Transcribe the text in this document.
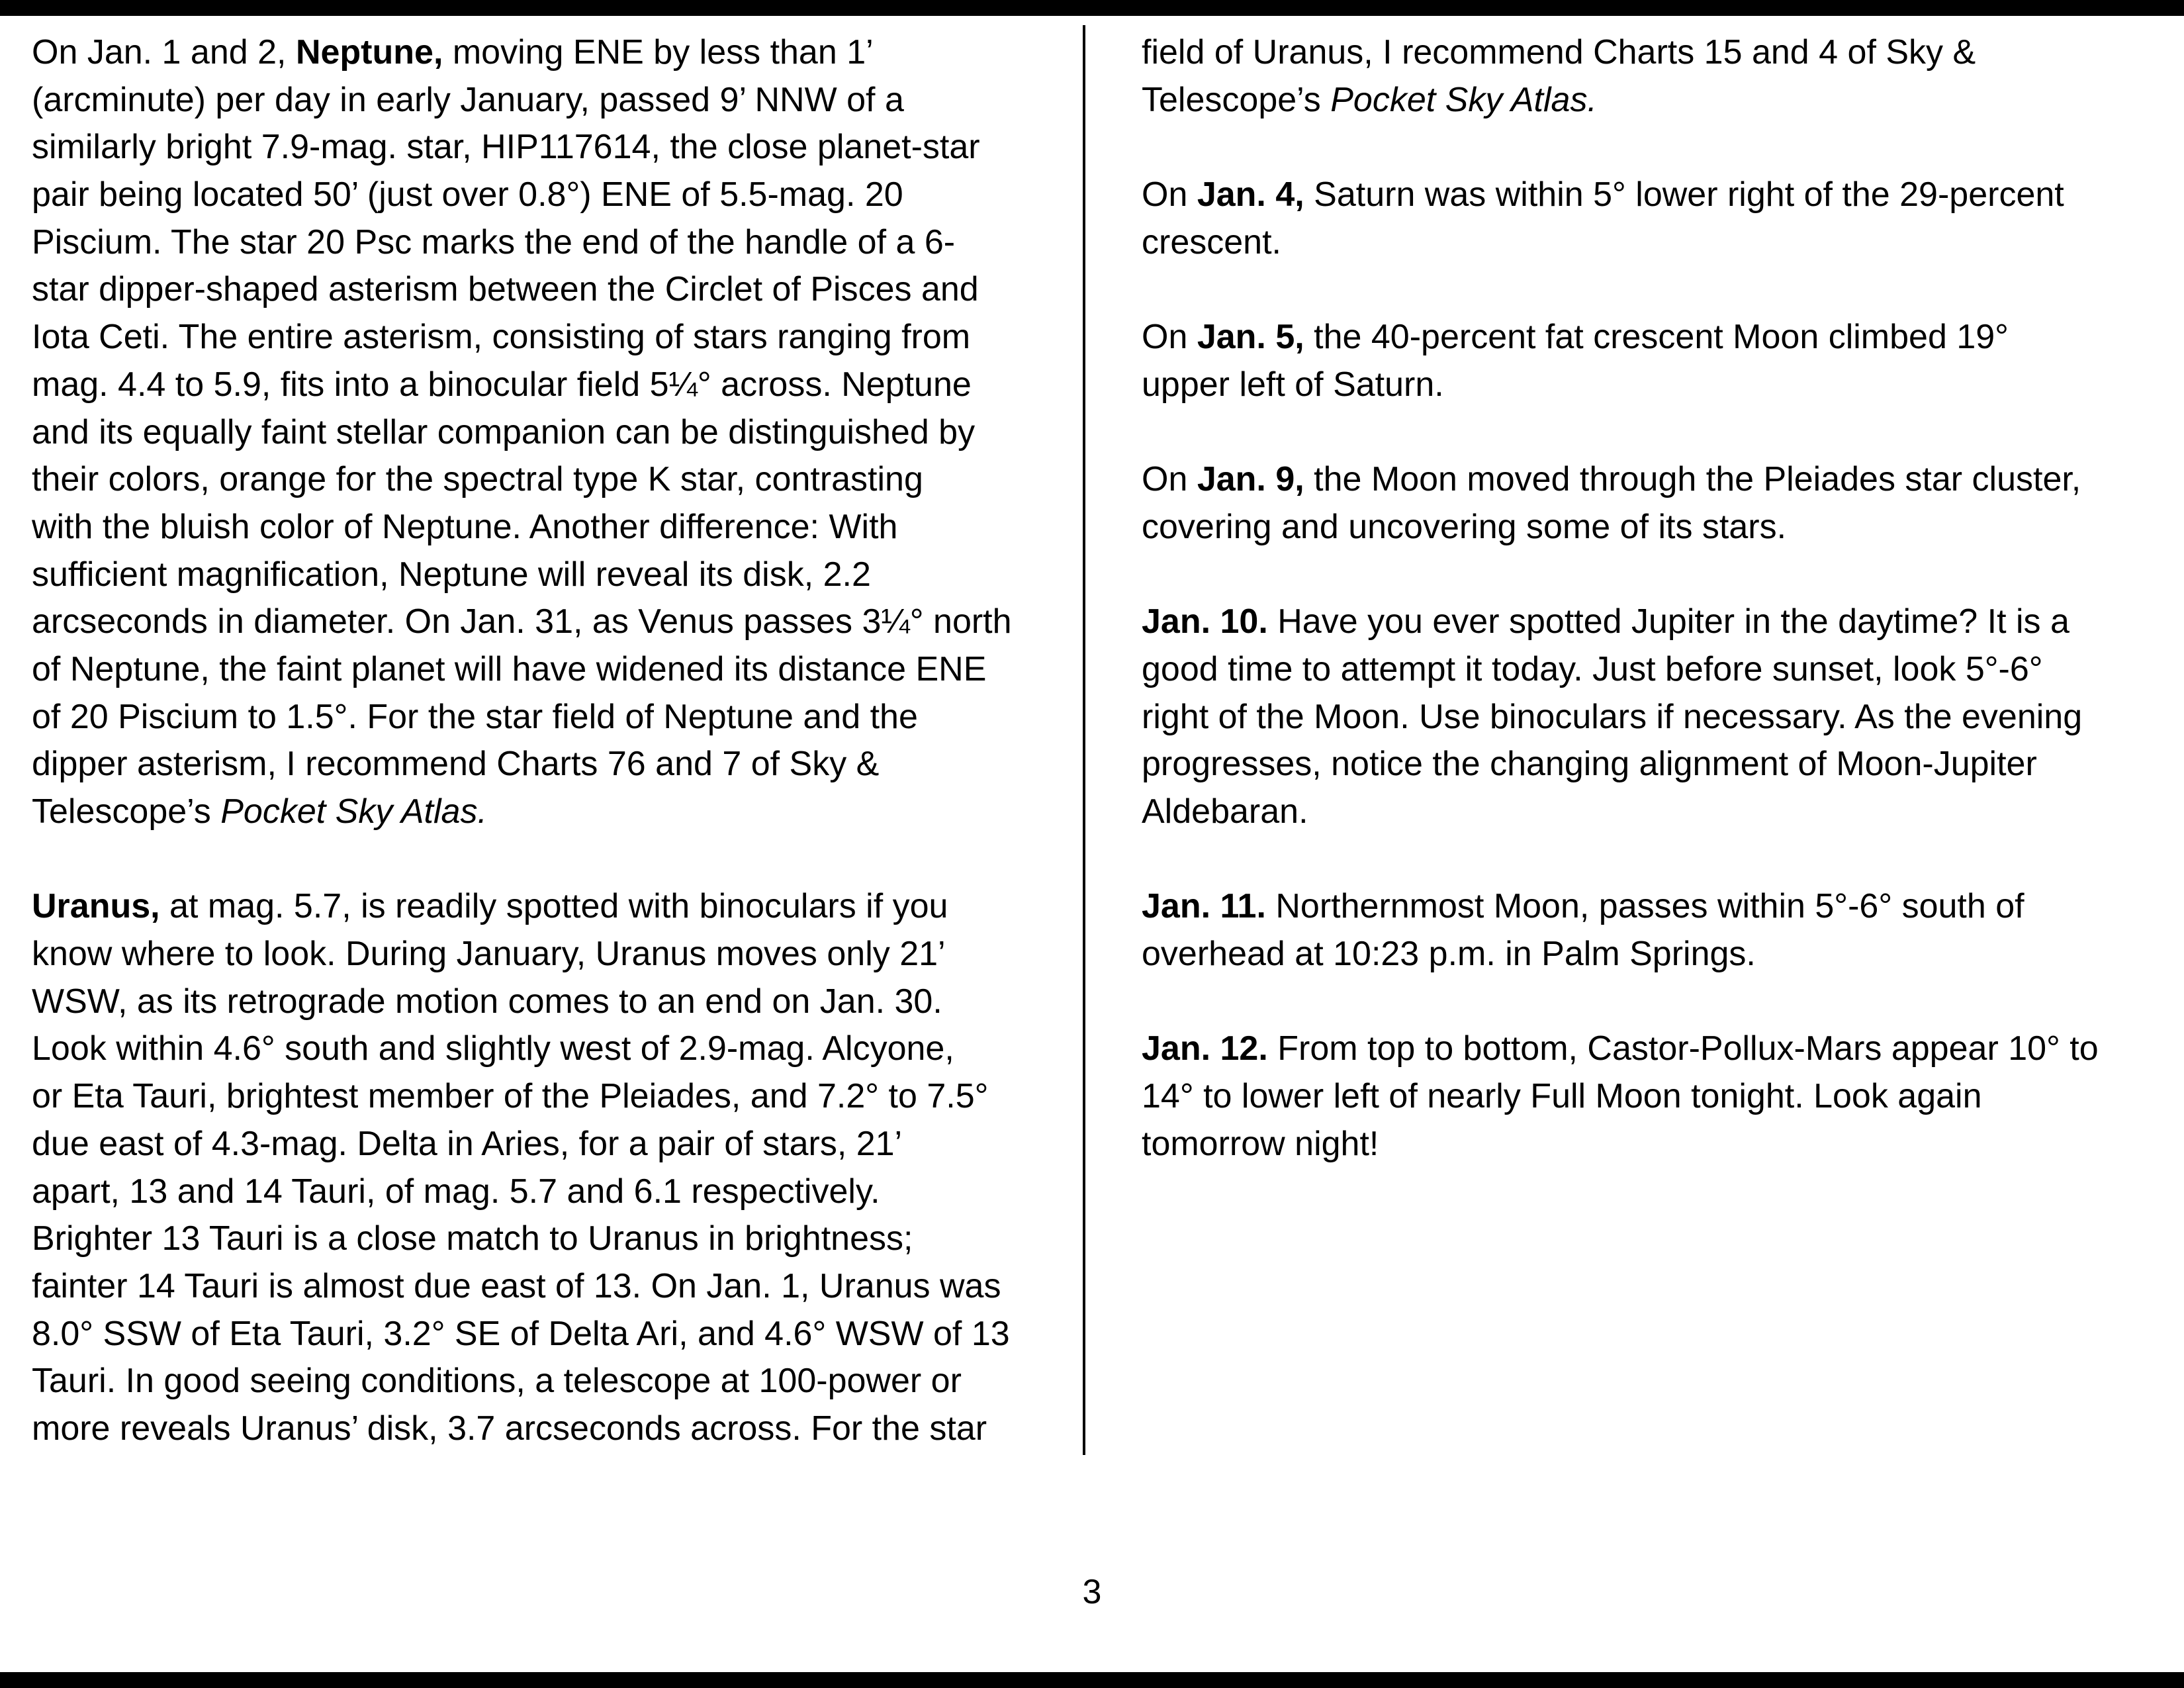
On Jan. 1 and 2, Neptune, moving ENE by less than 1’
(arcminute) per day in early January, passed 9’ NNW of a
similarly bright 7.9-mag. star, HIP117614, the close planet-star
pair being located 50’ (just over 0.8°) ENE of 5.5-mag. 20
Piscium. The star 20 Psc marks the end of the handle of a 6-
star dipper-shaped asterism between the Circlet of Pisces and
Iota Ceti. The entire asterism, consisting of stars ranging from
mag. 4.4 to 5.9, fits into a binocular field 5¼° across. Neptune
and its equally faint stellar companion can be distinguished by
their colors, orange for the spectral type K star, contrasting
with the bluish color of Neptune. Another difference: With
sufficient magnification, Neptune will reveal its disk, 2.2
arcseconds in diameter. On Jan. 31, as Venus passes 3¼° north
of Neptune, the faint planet will have widened its distance ENE
of 20 Piscium to 1.5°. For the star field of Neptune and the
dipper asterism, I recommend Charts 76 and 7 of Sky &
Telescope’s Pocket Sky Atlas.
Uranus, at mag. 5.7, is readily spotted with binoculars if you
know where to look. During January, Uranus moves only 21’
WSW, as its retrograde motion comes to an end on Jan. 30.
Look within 4.6° south and slightly west of 2.9-mag. Alcyone,
or Eta Tauri, brightest member of the Pleiades, and 7.2° to 7.5°
due east of 4.3-mag. Delta in Aries, for a pair of stars, 21’
apart, 13 and 14 Tauri, of mag. 5.7 and 6.1 respectively.
Brighter 13 Tauri is a close match to Uranus in brightness;
fainter 14 Tauri is almost due east of 13. On Jan. 1, Uranus was
8.0° SSW of Eta Tauri, 3.2° SE of Delta Ari, and 4.6° WSW of 13
Tauri. In good seeing conditions, a telescope at 100-power or
more reveals Uranus’ disk, 3.7 arcseconds across. For the star
field of Uranus, I recommend Charts 15 and 4 of Sky &
Telescope’s Pocket Sky Atlas.
On Jan. 4, Saturn was within 5° lower right of the 29-percent
crescent.
On Jan. 5, the 40-percent fat crescent Moon climbed 19°
upper left of Saturn.
On Jan. 9, the Moon moved through the Pleiades star cluster,
covering and uncovering some of its stars.
Jan. 10. Have you ever spotted Jupiter in the daytime? It is a
good time to attempt it today. Just before sunset, look 5°-6°
right of the Moon. Use binoculars if necessary. As the evening
progresses, notice the changing alignment of Moon-Jupiter
Aldebaran.
Jan. 11. Northernmost Moon, passes within 5°-6° south of
overhead at 10:23 p.m. in Palm Springs.
Jan. 12. From top to bottom, Castor-Pollux-Mars appear 10° to
14° to lower left of nearly Full Moon tonight. Look again
tomorrow night!
3
